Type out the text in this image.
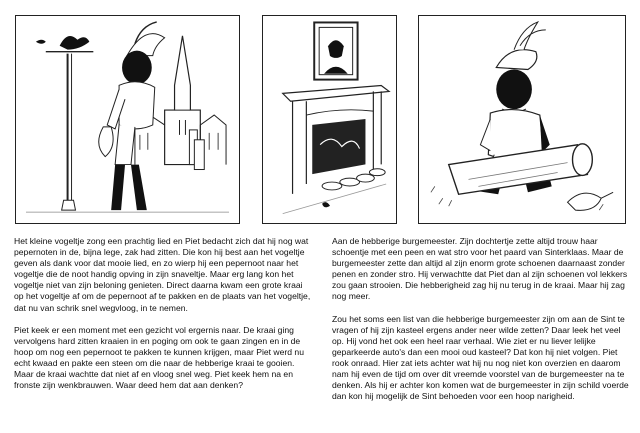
Het kleine vogeltje zong een prachtig lied en Piet bedacht zich dat hij nog wat pepernoten in de, bijna lege, zak had zitten. Die kon hij best aan het vogeltje geven als dank voor dat mooie lied, en zo wierp hij een pepernoot naar het vogeltje die de noot handig opving in zijn snaveltje. Maar erg lang kon het vogeltje niet van zijn beloning genieten. Direct daarna kwam een grote kraai op het vogeltje af om de pepernoot af te pakken en de plaats van het vogeltje, dat nu van schrik snel wegvloog, in te nemen.

Piet keek er een moment met een gezicht vol ergernis naar. De kraai ging vervolgens hard zitten kraaien in en poging om ook te gaan zingen en in de hoop om nog een pepernoot te pakken te kunnen krijgen, maar Piet werd nu echt kwaad en pakte een steen om die naar de hebberige kraai te gooien. Maar de kraai wachtte dat niet af en vloog snel weg. Piet keek hem na en fronste zijn wenkbrauwen. Waar deed hem dat aan denken?

Aan de hebberige burgemeester. Zijn dochtertje zette altijd trouw haar schoentje met een peen en wat stro voor het paard van Sinterklaas. Maar de burgemeester zette dan altijd al zijn enorm grote schoenen daarnaast zonder penen en zonder stro. Hij verwachtte dat Piet dan al zijn schoenen vol lekkers zou gaan strooien. Die hebberigheid zag hij nu terug in de kraai. Maar hij zag nog meer.

Zou het soms een list van die hebberige burgemeester zijn om aan de Sint te vragen of hij zijn kasteel ergens ander neer wilde zetten? Daar leek het veel op. Hij vond het ook een heel raar verhaal. Wie ziet er nu liever lelijke geparkeerde auto's dan een mooi oud kasteel? Dat kon hij niet volgen. Piet rook onraad. Hier zat iets achter wat hij nu nog niet kon overzien en daarom nam hij even de tijd om over dit vreemde voorstel van de burgemeester na te denken. Als hij er achter kon komen wat de burgemeester in zijn schild voerde dan kon hij mogelijk de Sint behoeden voor een hoop narigheid.
